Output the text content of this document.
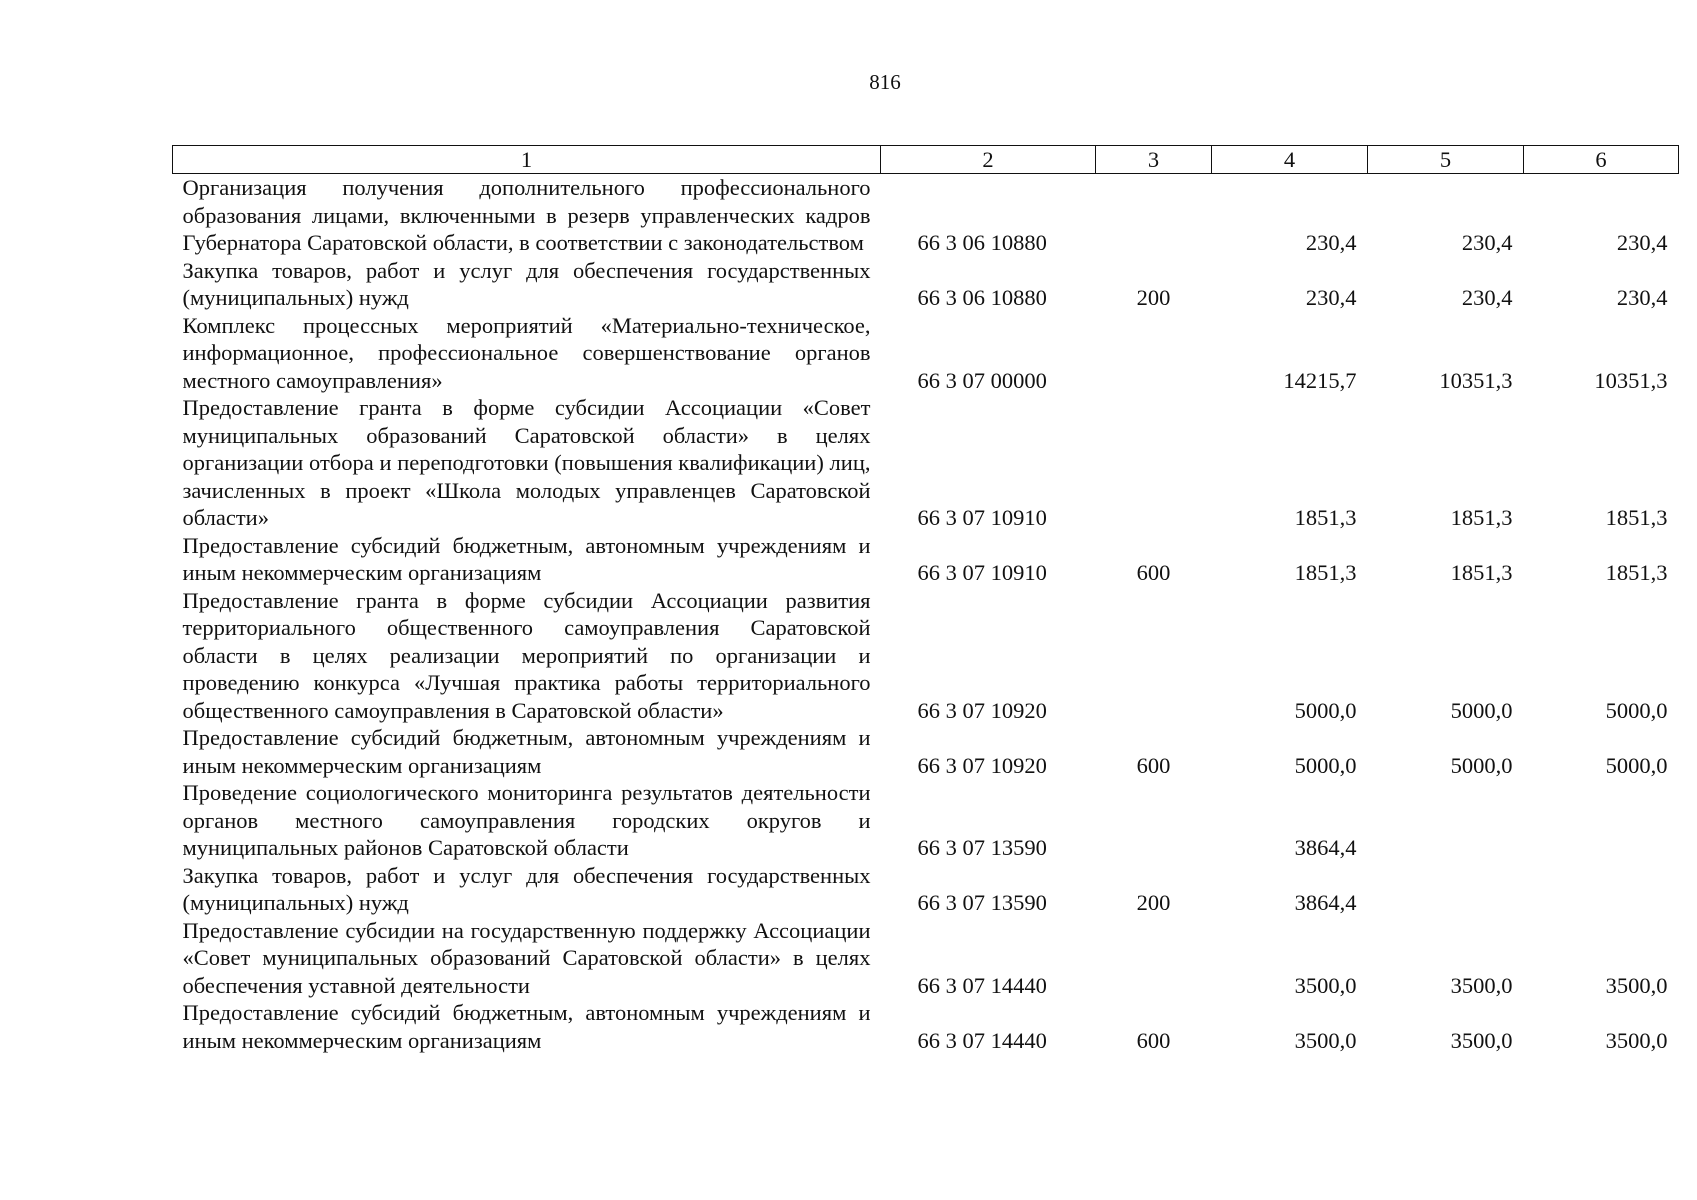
816
1	2	3	4	5	6
Организация получения дополнительного профессионального образования лицами, включенными в резерв управленческих кадров Губернатора Саратовской области, в соответствии с законодательством	66 3 06 10880		230,4	230,4	230,4
Закупка товаров, работ и услуг для обеспечения государственных (муниципальных) нужд	66 3 06 10880	200	230,4	230,4	230,4
Комплекс процессных мероприятий «Материально-техническое, информационное, профессиональное совершенствование органов местного самоуправления»	66 3 07 00000		14215,7	10351,3	10351,3
Предоставление гранта в форме субсидии Ассоциации «Совет муниципальных образований Саратовской области» в целях организации отбора и переподготовки (повышения квалификации) лиц, зачисленных в проект «Школа молодых управленцев Саратовской области»	66 3 07 10910		1851,3	1851,3	1851,3
Предоставление субсидий бюджетным, автономным учреждениям и иным некоммерческим организациям	66 3 07 10910	600	1851,3	1851,3	1851,3
Предоставление гранта в форме субсидии Ассоциации развития территориального общественного самоуправления Саратовской области в целях реализации мероприятий по организации и проведению конкурса «Лучшая практика работы территориального общественного самоуправления в Саратовской области»	66 3 07 10920		5000,0	5000,0	5000,0
Предоставление субсидий бюджетным, автономным учреждениям и иным некоммерческим организациям	66 3 07 10920	600	5000,0	5000,0	5000,0
Проведение социологического мониторинга результатов деятельности органов местного самоуправления городских округов и муниципальных районов Саратовской области	66 3 07 13590		3864,4		
Закупка товаров, работ и услуг для обеспечения государственных (муниципальных) нужд	66 3 07 13590	200	3864,4		
Предоставление субсидии на государственную поддержку Ассоциации «Совет муниципальных образований Саратовской области» в целях обеспечения уставной деятельности	66 3 07 14440		3500,0	3500,0	3500,0
Предоставление субсидий бюджетным, автономным учреждениям и иным некоммерческим организациям	66 3 07 14440	600	3500,0	3500,0	3500,0
